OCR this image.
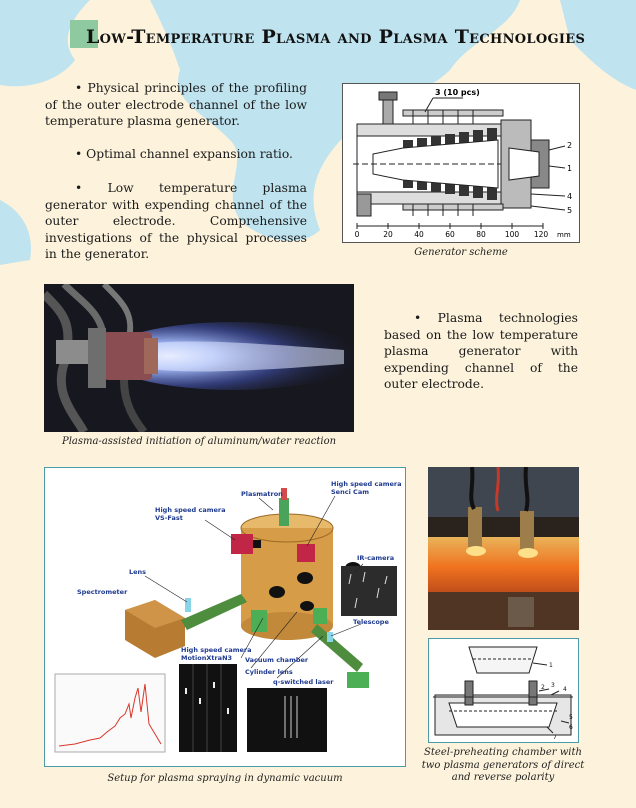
Low-Temperature Plasma and Plasma Technologies

• Physical principles of the profiling of the outer electrode channel of the low temperature plasma generator.

• Optimal channel expansion ratio.

• Low temperature plasma generator with expending channel of the outer electrode. Comprehensive investigations of the physical processes in the generator.

3 (10 pcs)
2
1
4
5
0	20	40	60	80	100 120 mm
Generator scheme
Plasma-assisted initiation of aluminum/water reaction

• Plasma technologies based on the low temperature plasma generator with expending channel of the outer electrode.

Plasmatron
High speed camera
Senci Cam
High speed camera
VS-Fast
IR-camera
Lens
Spectrometer
Telescope
High speed camera
MotionXtraN3 Vacuum chamber
Cylinder lens
q-switched laser
Setup for plasma spraying in dynamic vacuum
1
2 3
4
5
6
7
Steel-preheating chamber with two plasma generators of direct and reverse polarity
